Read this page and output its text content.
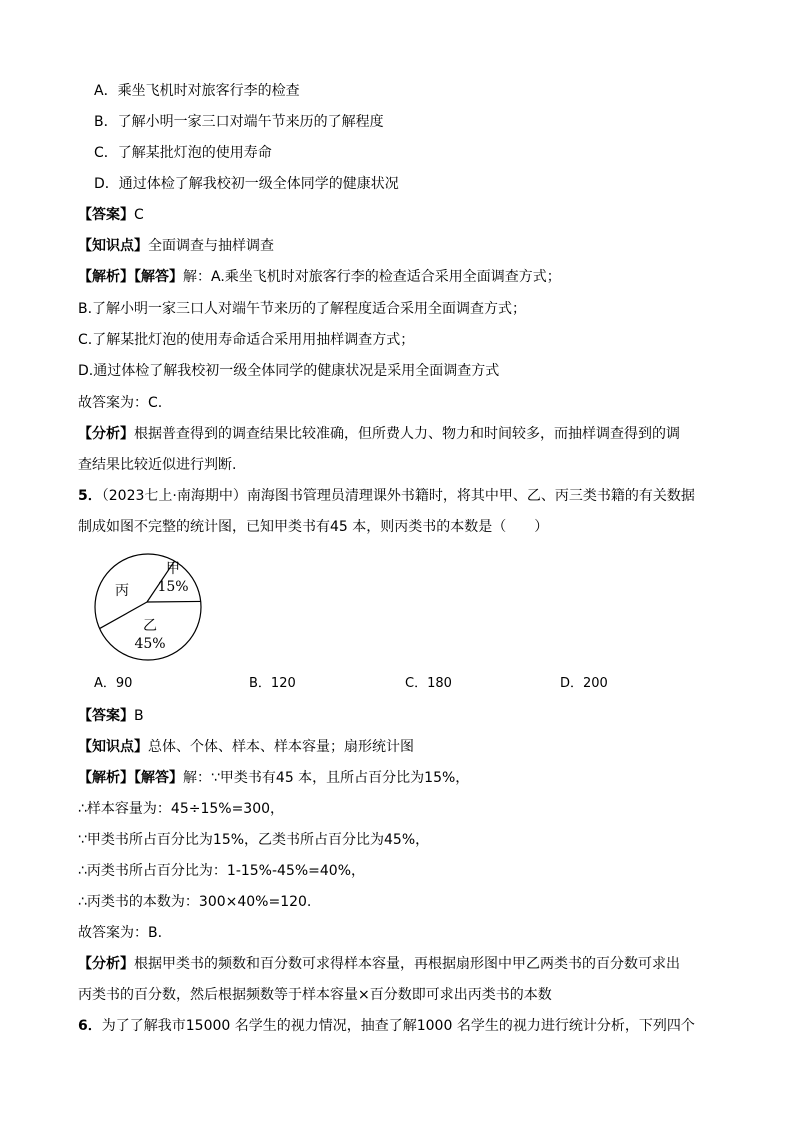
A．乘坐飞机时对旅客行李的检查
B．了解小明一家三口对端午节来历的了解程度
C．了解某批灯泡的使用寿命
D．通过体检了解我校初一级全体同学的健康状况
【答案】C
【知识点】全面调查与抽样调查
【解析】【解答】解：A.乘坐飞机时对旅客行李的检查适合采用全面调查方式；
B.了解小明一家三口人对端午节来历的了解程度适合采用全面调查方式；
C.了解某批灯泡的使用寿命适合采用用抽样调查方式；
D.通过体检了解我校初一级全体同学的健康状况是采用全面调查方式
故答案为：C.
【分析】根据普查得到的调查结果比较准确，但所费人力、物力和时间较多，而抽样调查得到的调
查结果比较近似进行判断.
5．（2023七上·南海期中）南海图书管理员清理课外书籍时，将其中甲、乙、丙三类书籍的有关数据
制成如图不完整的统计图，已知甲类书有45 本，则丙类书的本数是（　　）
甲
15%
乙
45%
丙
A．90	B．120	C．180	D．200
【答案】B
【知识点】总体、个体、样本、样本容量；扇形统计图
【解析】【解答】解：∵甲类书有45 本，且所占百分比为15%，
∴样本容量为：45÷15%=300，
∵甲类书所占百分比为15%，乙类书所占百分比为45%，
∴丙类书所占百分比为：1-15%-45%=40%，
∴丙类书的本数为：300×40%=120.
故答案为：B.
【分析】根据甲类书的频数和百分数可求得样本容量，再根据扇形图中甲乙两类书的百分数可求出
丙类书的百分数，然后根据频数等于样本容量×百分数即可求出丙类书的本数
6．为了了解我市15000 名学生的视力情况，抽查了解1000 名学生的视力进行统计分析，下列四个
